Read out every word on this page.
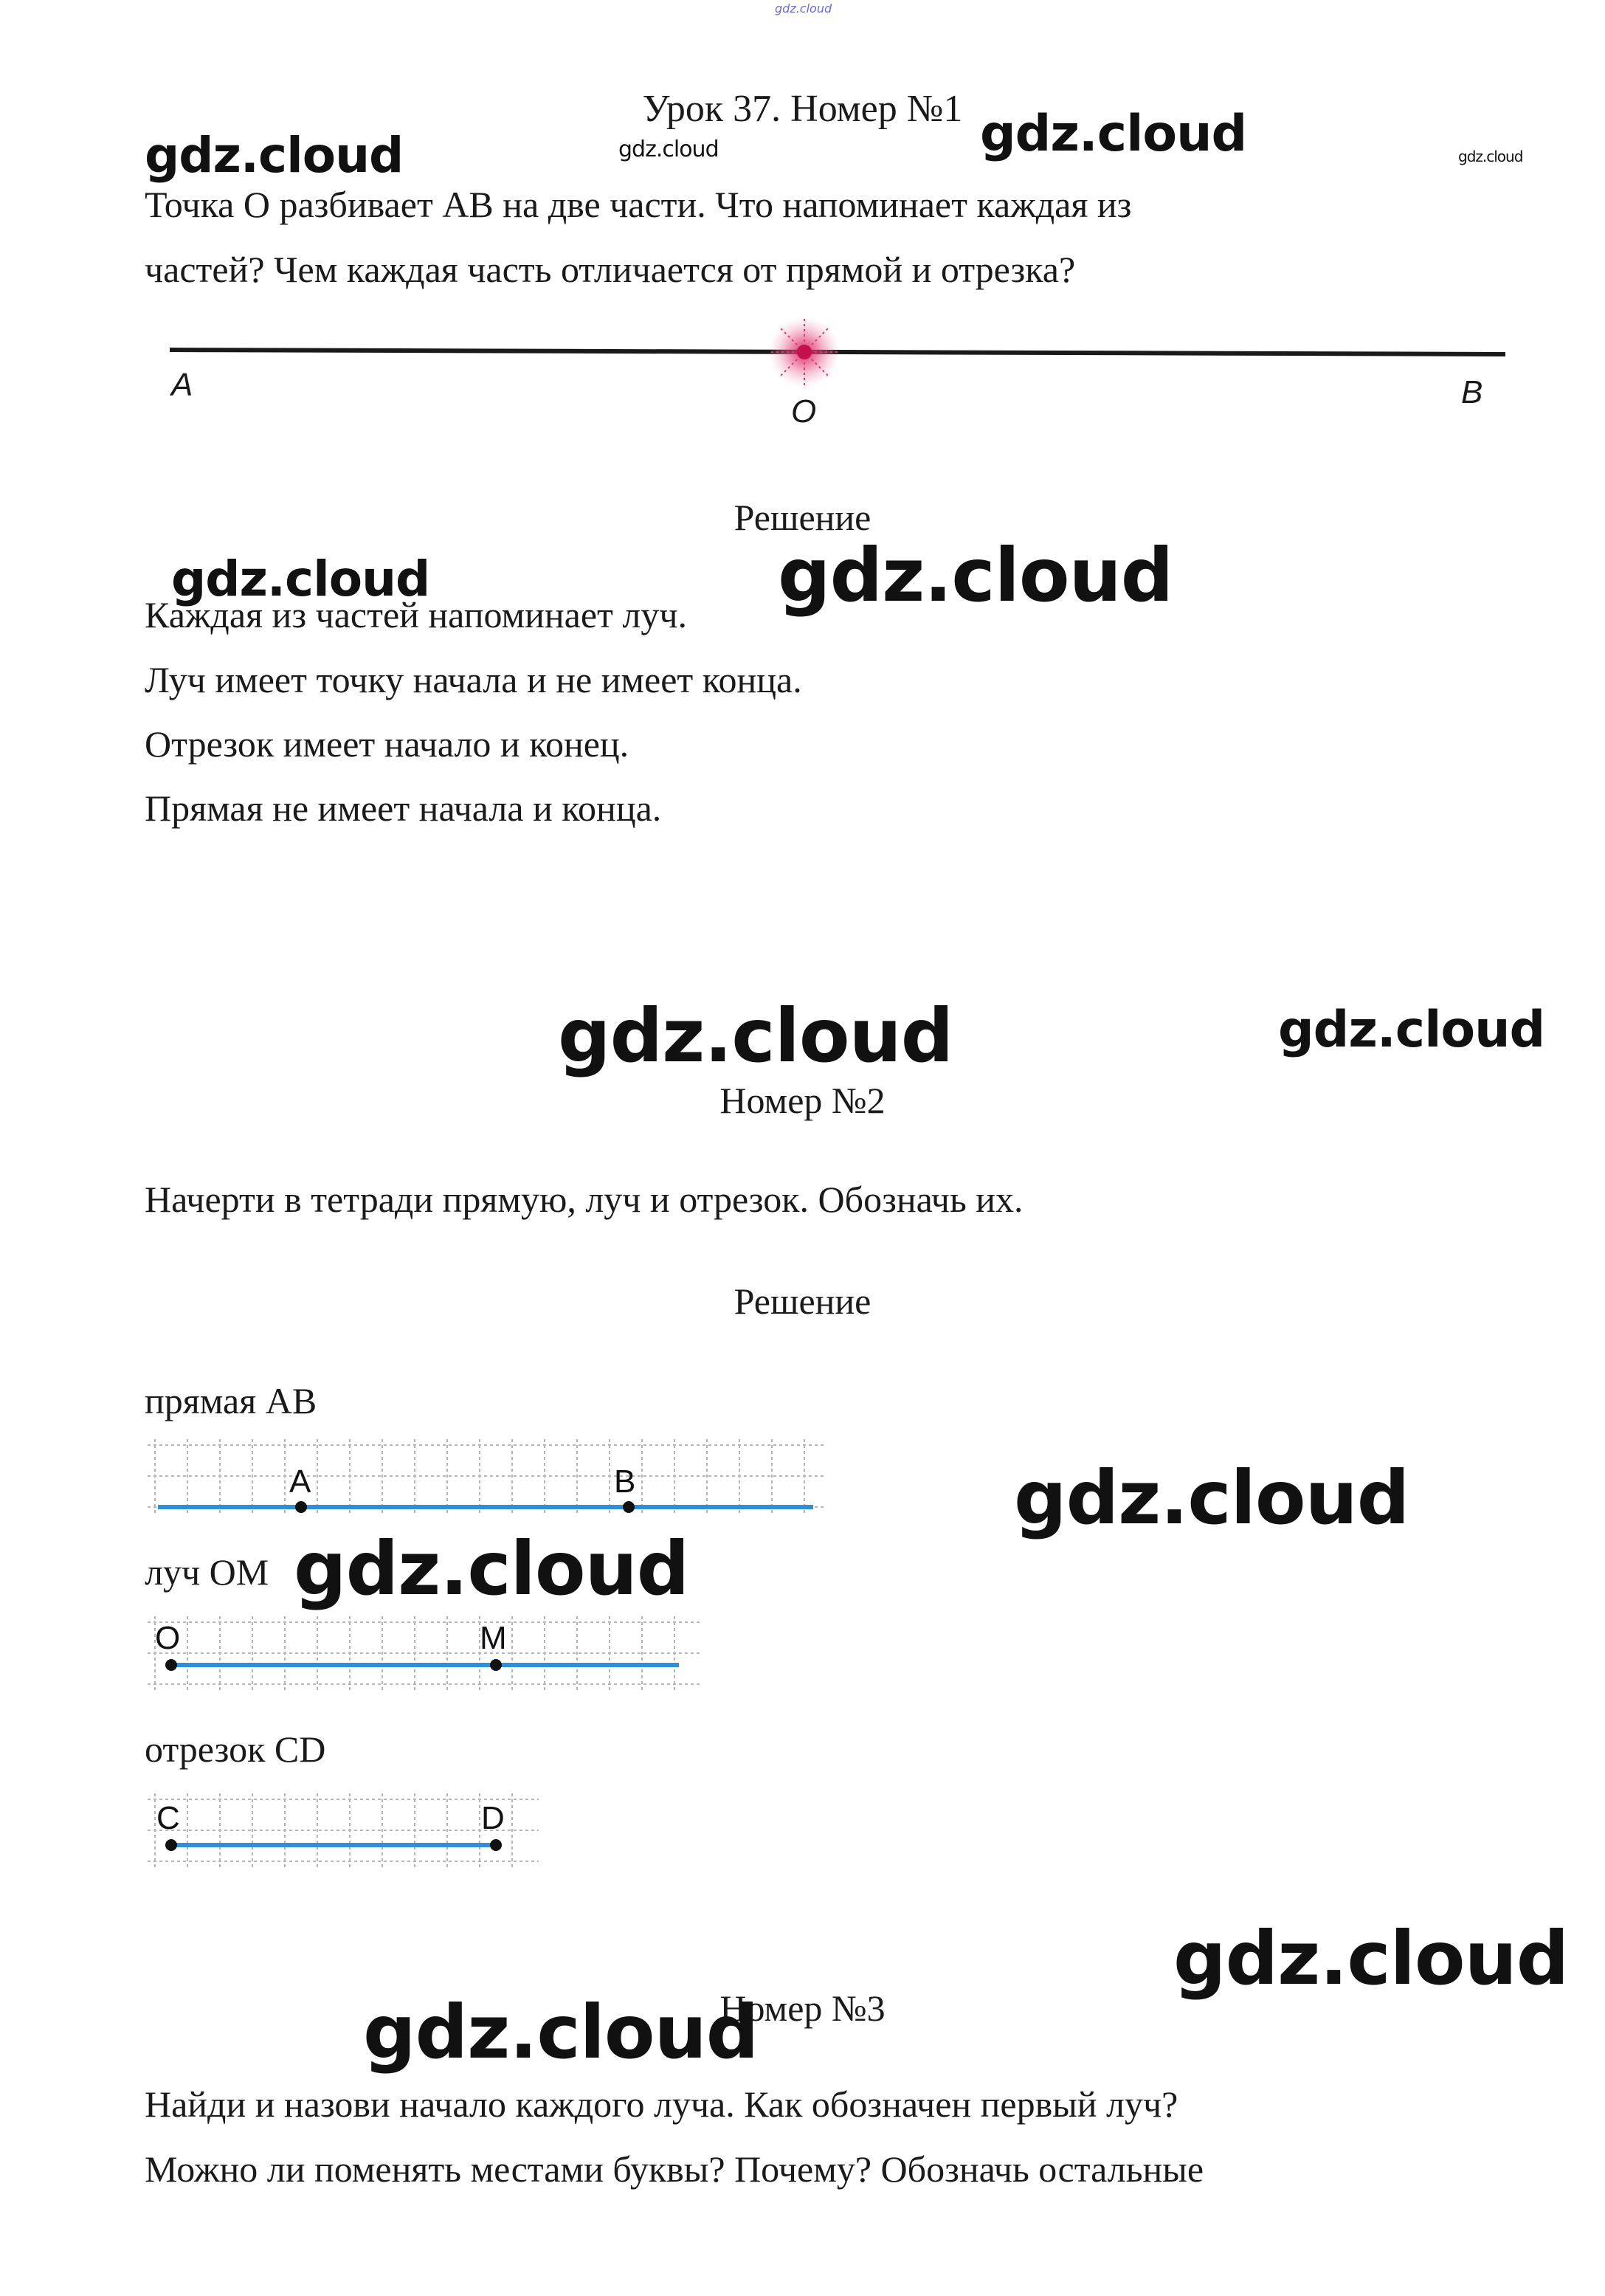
gdz.cloud
Урок 37. Номер №1
Точка О разбивает АВ на две части. Что напоминает каждая из
частей? Чем каждая часть отличается от прямой и отрезка?
A
O
B
Решение
Каждая из частей напоминает луч.
Луч имеет точку начала и не имеет конца.
Отрезок имеет начало и конец.
Прямая не имеет начала и конца.
Номер №2
Начерти в тетради прямую, луч и отрезок. Обозначь их.
Решение
прямая АВ
A	B
луч ОМ
O	M
отрезок CD
C	D
Номер №3
Найди и назови начало каждого луча. Как обозначен первый луч?
Можно ли поменять местами буквы? Почему? Обозначь остальные
gdz.cloud	gdz.cloud	gdz.cloud	gdz.cloud
gdz.cloud	gdz.cloud
gdz.cloud	gdz.cloud
gdz.cloud
gdz.cloud
gdz.cloud
gdz.cloud
